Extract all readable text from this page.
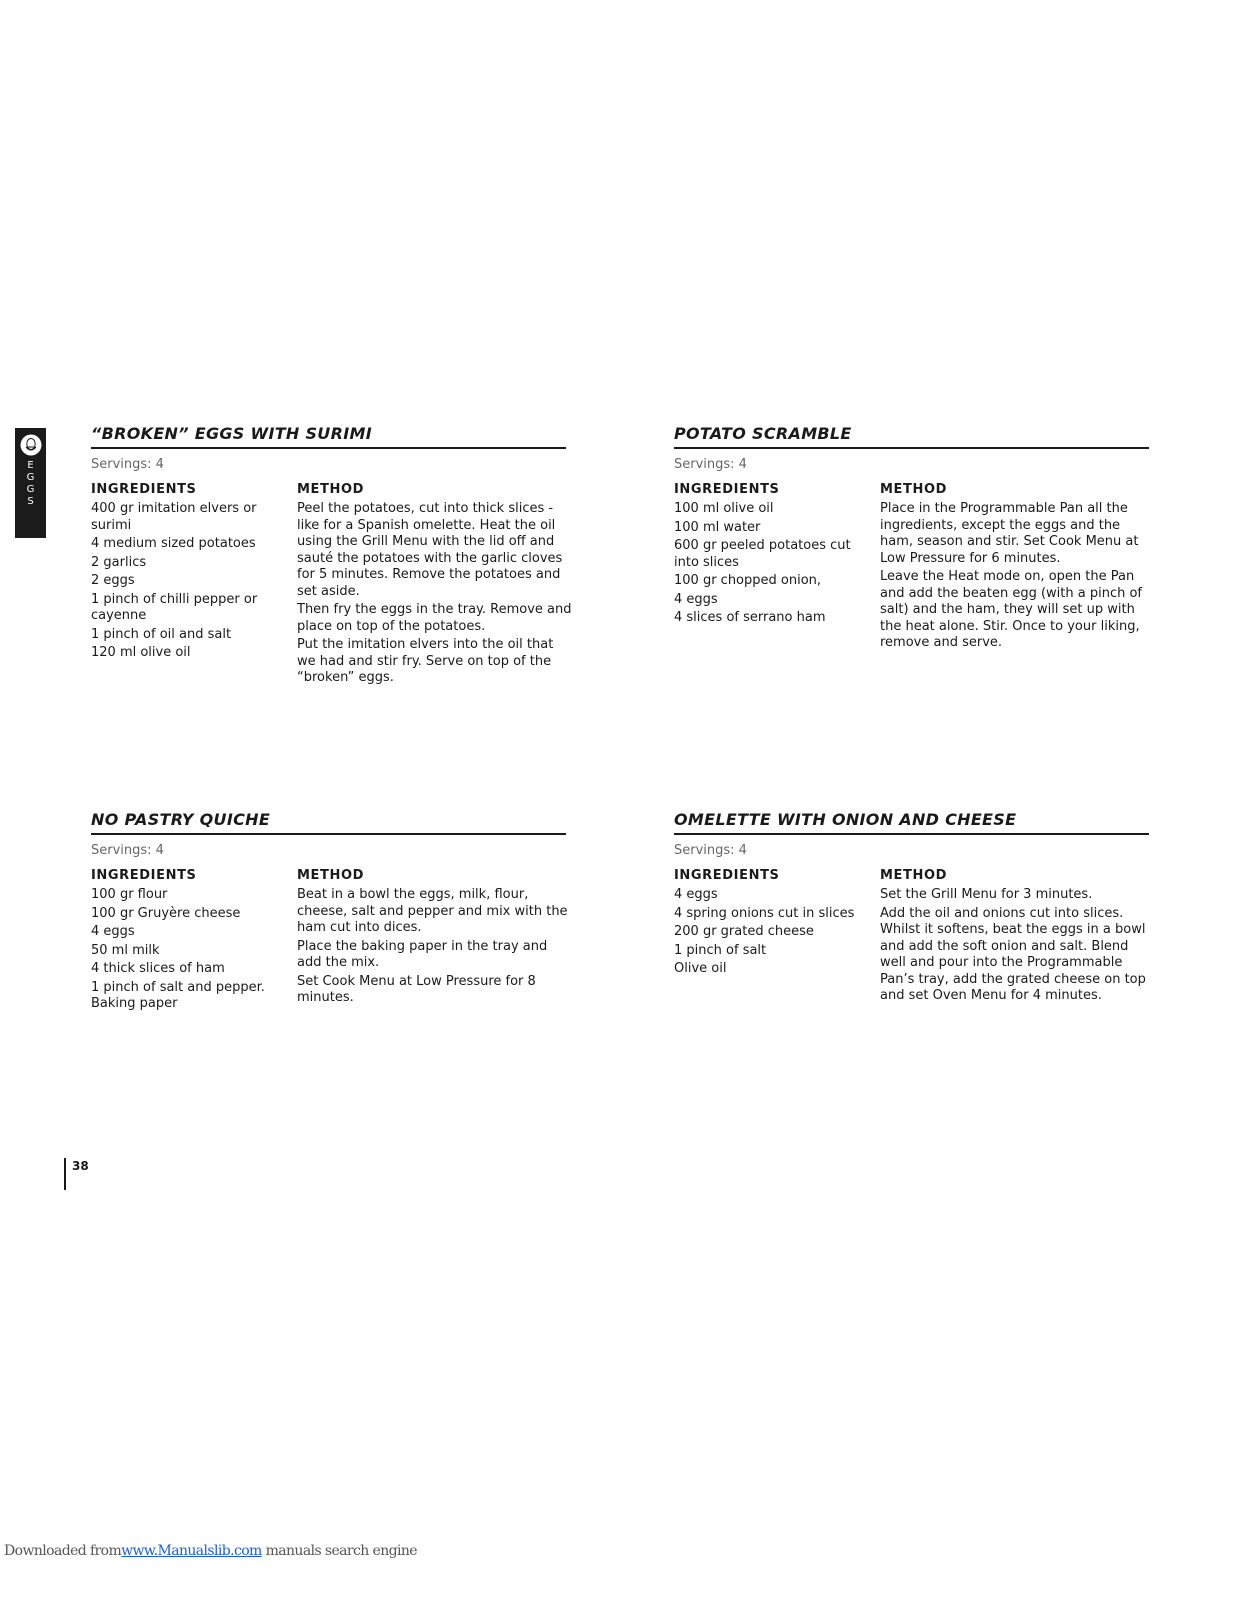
E
G
G
S
“BROKEN” EGGS WITH SURIMI
Servings: 4
INGREDIENTS
400 gr imitation elvers or surimi
4 medium sized potatoes
2 garlics
2 eggs
1 pinch of chilli pepper or cayenne
1 pinch of oil and salt
120 ml olive oil
METHOD
Peel the potatoes, cut into thick slices - like for a Spanish omelette. Heat the oil using the Grill Menu with the lid off and sauté the potatoes with the garlic cloves for 5 minutes. Remove the potatoes and set aside.
Then fry the eggs in the tray. Remove and place on top of the potatoes.
Put the imitation elvers into the oil that we had and stir fry. Serve on top of the “broken” eggs.
POTATO SCRAMBLE
Servings: 4
INGREDIENTS
100 ml olive oil
100 ml water
600 gr peeled potatoes cut into slices
100 gr chopped onion,
4 eggs
4 slices of serrano ham
METHOD
Place in the Programmable Pan all the ingredients, except the eggs and the ham, season and stir. Set Cook Menu at Low Pressure for 6 minutes.
Leave the Heat mode on, open the Pan and add the beaten egg (with a pinch of salt) and the ham, they will set up with the heat alone. Stir. Once to your liking, remove and serve.
NO PASTRY QUICHE
Servings: 4
INGREDIENTS
100 gr flour
100 gr Gruyère cheese
4 eggs
50 ml milk
4 thick slices of ham
1 pinch of salt and pepper. Baking paper
METHOD
Beat in a bowl the eggs, milk, flour, cheese, salt and pepper and mix with the ham cut into dices.
Place the baking paper in the tray and add the mix.
Set Cook Menu at Low Pressure for 8 minutes.
OMELETTE WITH ONION AND CHEESE
Servings: 4
INGREDIENTS
4 eggs
4 spring onions cut in slices
200 gr grated cheese
1 pinch of salt
Olive oil
METHOD
Set the Grill Menu for 3 minutes.
Add the oil and onions cut into slices. Whilst it softens, beat the eggs in a bowl and add the soft onion and salt. Blend well and pour into the Programmable Pan’s tray, add the grated cheese on top and set Oven Menu for 4 minutes.
38
Downloaded fromwww.Manualslib.com manuals search engine
